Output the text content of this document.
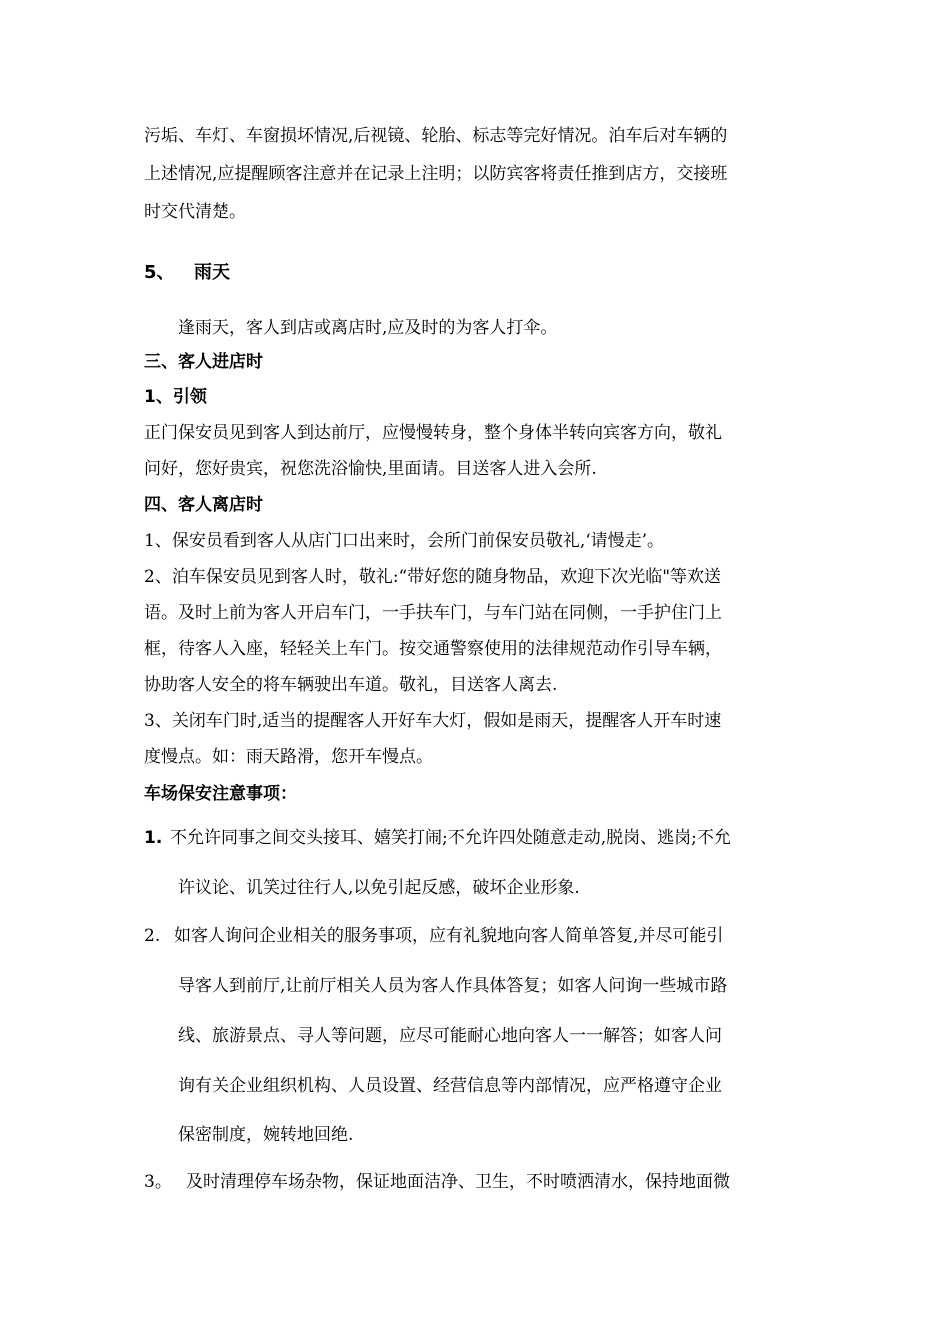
污垢、车灯、车窗损坏情况,后视镜、轮胎、标志等完好情况。泊车后对车辆的
上述情况,应提醒顾客注意并在记录上注明；以防宾客将责任推到店方，交接班
时交代清楚。
5、 雨天
逢雨天，客人到店或离店时,应及时的为客人打伞。
三、客人进店时
1、引领
正门保安员见到客人到达前厅，应慢慢转身，整个身体半转向宾客方向，敬礼
问好，您好贵宾，祝您洗浴愉快,里面请。目送客人进入会所.
四、客人离店时
1、保安员看到客人从店门口出来时，会所门前保安员敬礼,‘请慢走’。
2、泊车保安员见到客人时，敬礼:“带好您的随身物品，欢迎下次光临"等欢送
语。及时上前为客人开启车门，一手扶车门，与车门站在同侧，一手护住门上
框，待客人入座，轻轻关上车门。按交通警察使用的法律规范动作引导车辆，
协助客人安全的将车辆驶出车道。敬礼，目送客人离去.
3、关闭车门时,适当的提醒客人开好车大灯，假如是雨天，提醒客人开车时速
度慢点。如：雨天路滑，您开车慢点。
车场保安注意事项：
1. 不允许同事之间交头接耳、嬉笑打闹;不允许四处随意走动,脱岗、逃岗;不允
许议论、讥笑过往行人,以免引起反感，破坏企业形象.
2. 如客人询问企业相关的服务事项，应有礼貌地向客人简单答复,并尽可能引
导客人到前厅,让前厅相关人员为客人作具体答复；如客人问询一些城市路
线、旅游景点、寻人等问题，应尽可能耐心地向客人一一解答；如客人问
询有关企业组织机构、人员设置、经营信息等内部情况，应严格遵守企业
保密制度，婉转地回绝.
3。 及时清理停车场杂物，保证地面洁净、卫生，不时喷洒清水，保持地面微
